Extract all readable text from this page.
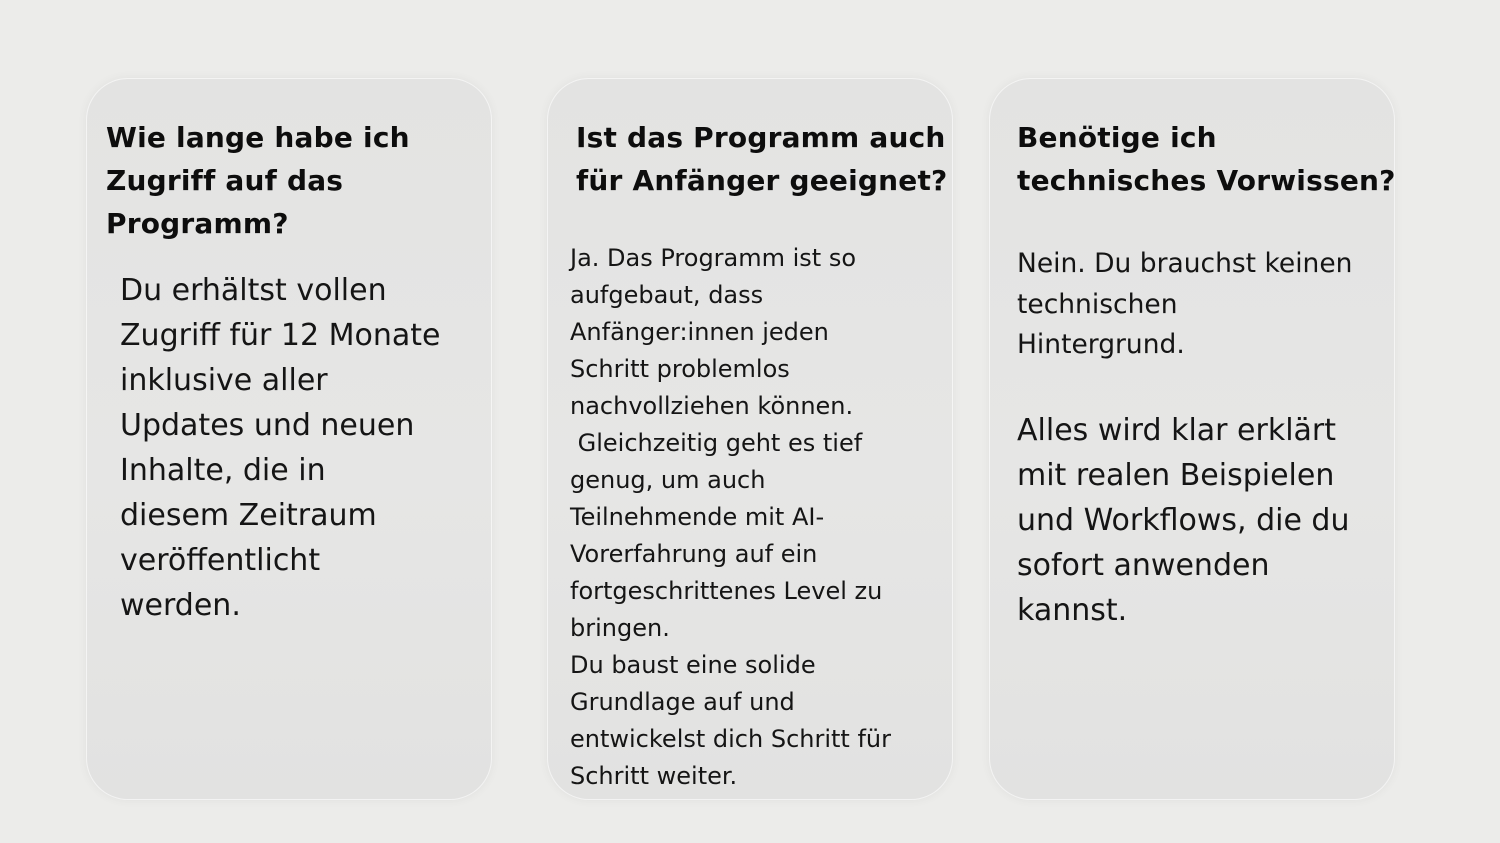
Wie lange habe ich
Zugriff auf das
Programm?

Du erhältst vollen
Zugriff für 12 Monate
inklusive aller
Updates und neuen
Inhalte, die in
diesem Zeitraum
veröffentlicht
werden.

Ist das Programm auch
für Anfänger geeignet?

Ja. Das Programm ist so
aufgebaut, dass
Anfänger:innen jeden
Schritt problemlos
nachvollziehen können.
Gleichzeitig geht es tief
genug, um auch
Teilnehmende mit AI-
Vorerfahrung auf ein
fortgeschrittenes Level zu
bringen.
Du baust eine solide
Grundlage auf und
entwickelst dich Schritt für
Schritt weiter.

Benötige ich
technisches Vorwissen?

Nein. Du brauchst keinen
technischen
Hintergrund.

Alles wird klar erklärt
mit realen Beispielen
und Workflows, die du
sofort anwenden
kannst.
